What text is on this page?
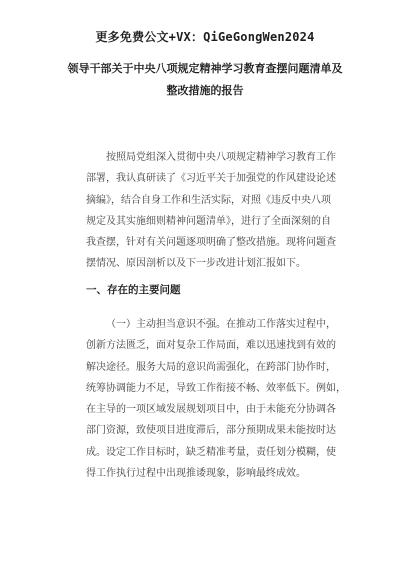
更多免费公文+VX：QiGeGongWen2024
领导干部关于中央八项规定精神学习教育查摆问题清单及
整改措施的报告
按照局党组深入贯彻中央八项规定精神学习教育工作
部署，我认真研读了《习近平关于加强党的作风建设论述
摘编》，结合自身工作和生活实际，对照《违反中央八项
规定及其实施细则精神问题清单》，进行了全面深刻的自
我查摆，针对有关问题逐项明确了整改措施。现将问题查
摆情况、原因剖析以及下一步改进计划汇报如下。
一、存在的主要问题
（一）主动担当意识不强。在推动工作落实过程中，
创新方法匮乏，面对复杂工作局面，难以迅速找到有效的
解决途径。服务大局的意识尚需强化，在跨部门协作时，
统筹协调能力不足，导致工作衔接不畅、效率低下。例如，
在主导的一项区域发展规划项目中，由于未能充分协调各
部门资源，致使项目进度滞后，部分预期成果未能按时达
成。设定工作目标时，缺乏精准考量，责任划分模糊，使
得工作执行过程中出现推诿现象，影响最终成效。
